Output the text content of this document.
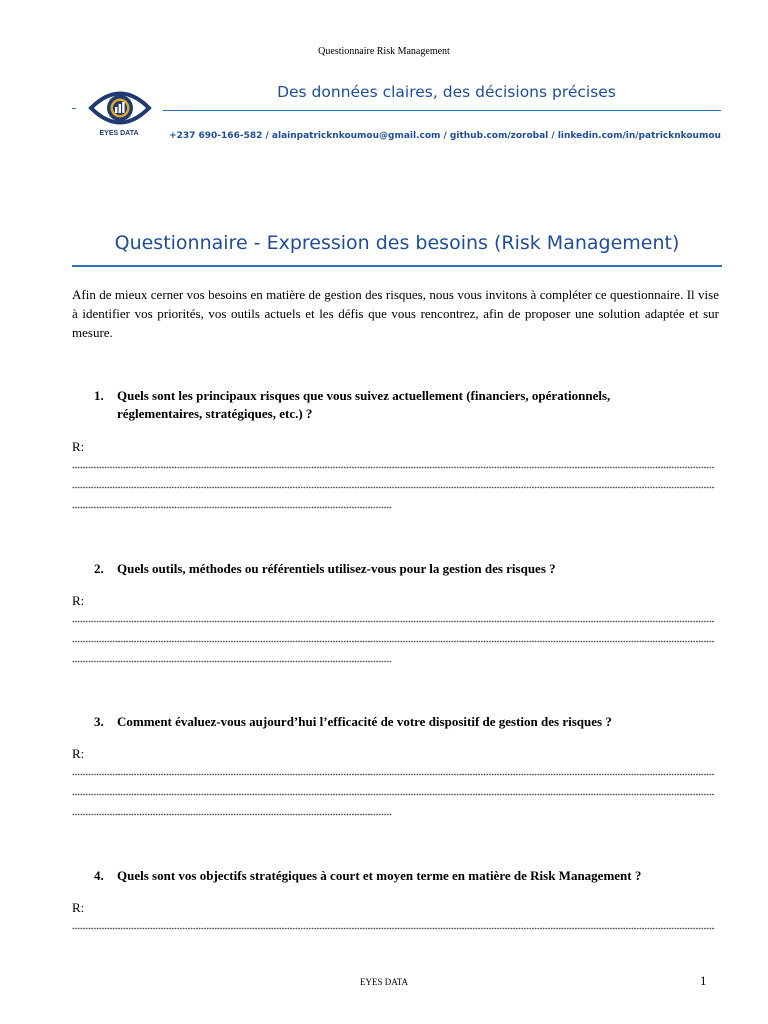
Questionnaire Risk Management
EYES DATA
Des données claires, des décisions précises
+237 690-166-582 / alainpatricknkoumou@gmail.com / github.com/zorobal / linkedin.com/in/patricknkoumou
Questionnaire - Expression des besoins (Risk Management)
Afin de mieux cerner vos besoins en matière de gestion des risques, nous vous invitons à compléter ce questionnaire. Il vise à identifier vos priorités, vos outils actuels et les défis que vous rencontrez, afin de proposer une solution adaptée et sur mesure.
1.	Quels sont les principaux risques que vous suivez actuellement (financiers, opérationnels, réglementaires, stratégiques, etc.) ?
R:
2.	Quels outils, méthodes ou référentiels utilisez-vous pour la gestion des risques ?
R:
3.	Comment évaluez-vous aujourd’hui l’efficacité de votre dispositif de gestion des risques ?
R:
4.	Quels sont vos objectifs stratégiques à court et moyen terme en matière de Risk Management ?
R:
EYES DATA	1
